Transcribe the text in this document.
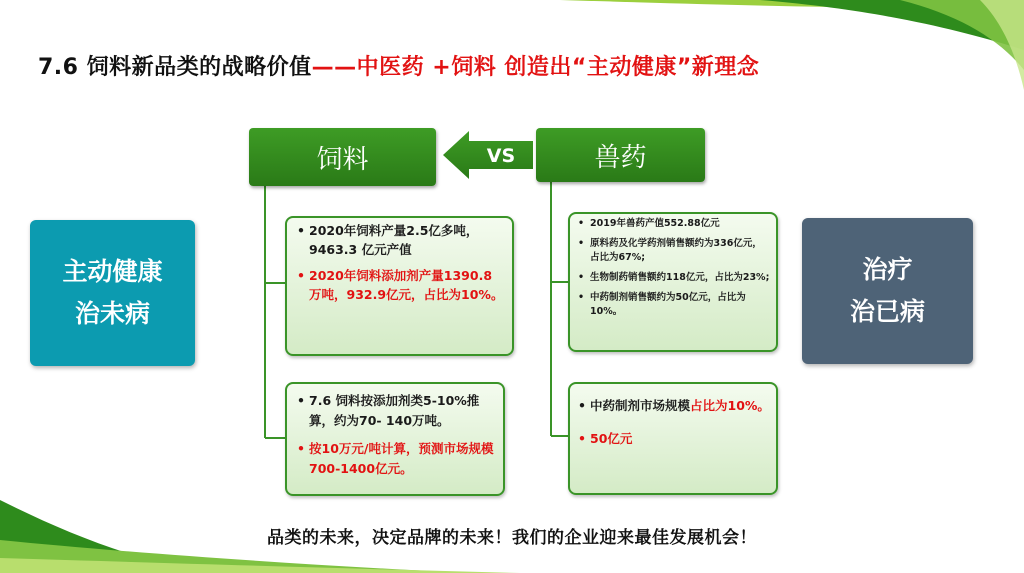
7.6 饲料新品类的战略价值——中医药 +饲料 创造出“主动健康”新理念
饲料	VS	兽药
主动健康
治未病
治疗
治已病
• 2020年饲料产量2.5亿多吨，9463.3 亿元产值
• 2020年饲料添加剂产量1390.8万吨，932.9亿元，占比为10%。
• 7.6 饲料按添加剂类5-10%推算，约为70- 140万吨。
• 按10万元/吨计算，预测市场规模 700-1400亿元。
• 2019年兽药产值552.88亿元
• 原料药及化学药剂销售额约为336亿元，占比为67%;
• 生物制药销售额约118亿元，占比为23%;
• 中药制剂销售额约为50亿元，占比为10%。
• 中药制剂市场规模占比为10%。
• 50亿元
品类的未来，决定品牌的未来！我们的企业迎来最佳发展机会！
